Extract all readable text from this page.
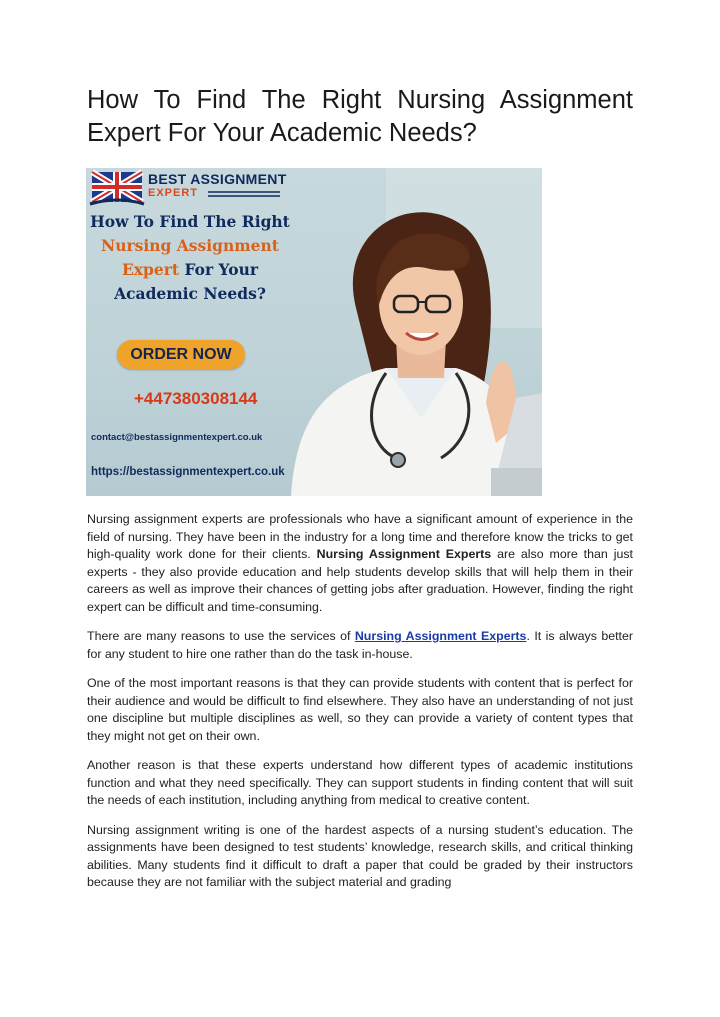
How To Find The Right Nursing Assignment Expert For Your Academic Needs?
BEST ASSIGNMENT
EXPERT
How To Find The Right
Nursing Assignment
Expert For Your
Academic Needs?
ORDER NOW
+447380308144
contact@bestassignmentexpert.co.uk
https://bestassignmentexpert.co.uk

Nursing assignment experts are professionals who have a significant amount of experience in the field of nursing. They have been in the industry for a long time and therefore know the tricks to get high-quality work done for their clients. Nursing Assignment Experts are also more than just experts - they also provide education and help students develop skills that will help them in their careers as well as improve their chances of getting jobs after graduation. However, finding the right expert can be difficult and time-consuming.

There are many reasons to use the services of Nursing Assignment Experts. It is always better for any student to hire one rather than do the task in-house.

One of the most important reasons is that they can provide students with content that is perfect for their audience and would be difficult to find elsewhere. They also have an understanding of not just one discipline but multiple disciplines as well, so they can provide a variety of content types that they might not get on their own.

Another reason is that these experts understand how different types of academic institutions function and what they need specifically. They can support students in finding content that will suit the needs of each institution, including anything from medical to creative content.

Nursing assignment writing is one of the hardest aspects of a nursing student’s education. The assignments have been designed to test students’ knowledge, research skills, and critical thinking abilities. Many students find it difficult to draft a paper that could be graded by their instructors because they are not familiar with the subject material and grading
